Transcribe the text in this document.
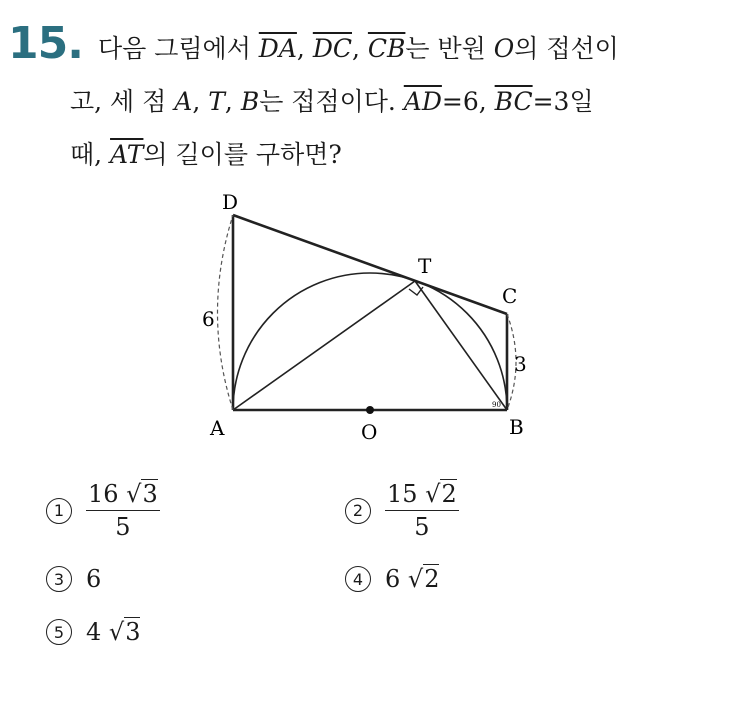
15. 다음 그림에서 $\overline{DA}$, $\overline{DC}$, $\overline{CB}$는 반원 O의 접선이
고, 세 점 A, T, B는 접점이다. $\overline{AD}=6$, $\overline{BC}=3$일
때, $\overline{AT}$의 길이를 구하면?
D
T
C
A	O	B
6
3
90
$1 \frac{16 √3}{5}$	$2 \frac{15 √2}{5}$
3 6	4 6 √2
5 4 √3
